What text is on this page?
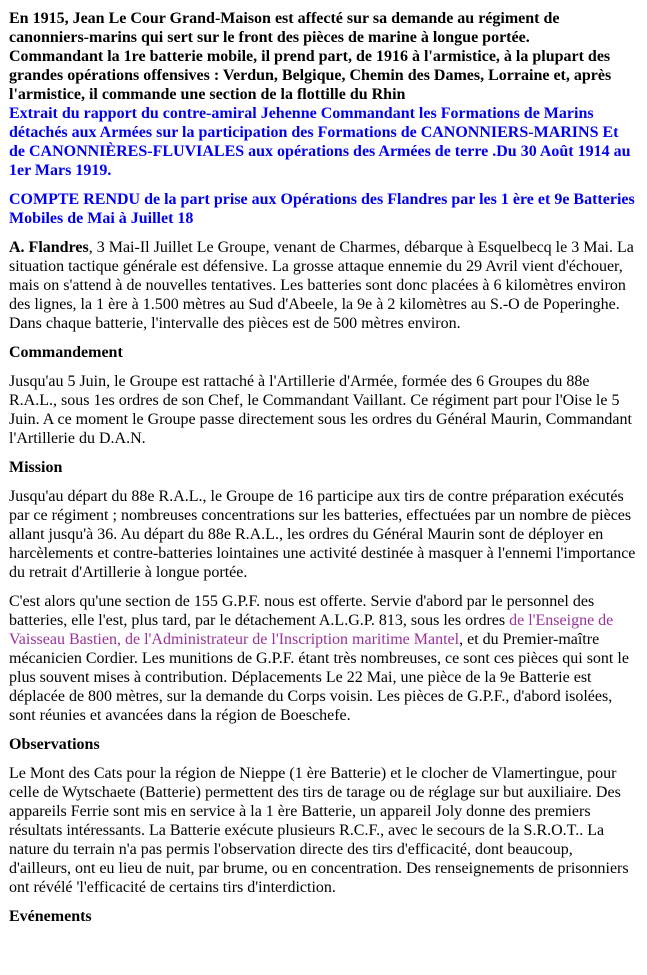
En 1915, Jean Le Cour Grand-Maison est affecté sur sa demande au régiment de canonniers-marins qui sert sur le front des pièces de marine à longue portée.
Commandant la 1re batterie mobile, il prend part, de 1916 à l'armistice, à la plupart des grandes opérations offensives : Verdun, Belgique, Chemin des Dames, Lorraine et, après l'armistice, il commande une section de la flottille du Rhin

Extrait du rapport du contre-amiral Jehenne Commandant les Formations de Marins détachés aux Armées sur la participation des Formations de CANONNIERS-MARINS Et de CANONNIÈRES-FLUVIALES aux opérations des Armées de terre .Du 30 Août 1914 au 1er Mars 1919.

COMPTE RENDU de la part prise aux Opérations des Flandres par les 1 ère et 9e Batteries Mobiles de Mai à Juillet 18

A. Flandres, 3 Mai-Il Juillet Le Groupe, venant de Charmes, débarque à Esquelbecq le 3 Mai. La situation tactique générale est défensive. La grosse attaque ennemie du 29 Avril vient d'échouer, mais on s'attend à de nouvelles tentatives. Les batteries sont donc placées à 6 kilomètres environ des lignes, la 1 ère à 1.500 mètres au Sud d'Abeele, la 9e à 2 kilomètres au S.-O de Poperinghe. Dans chaque batterie, l'intervalle des pièces est de 500 mètres environ.

Commandement

Jusqu'au 5 Juin, le Groupe est rattaché à l'Artillerie d'Armée, formée des 6 Groupes du 88e R.A.L., sous 1es ordres de son Chef, le Commandant Vaillant. Ce régiment part pour l'Oise le 5 Juin. A ce moment le Groupe passe directement sous les ordres du Général Maurin, Commandant l'Artillerie du D.A.N.

Mission

Jusqu'au départ du 88e R.A.L., le Groupe de 16 participe aux tirs de contre préparation exécutés par ce régiment ; nombreuses concentrations sur les batteries, effectuées par un nombre de pièces allant jusqu'à 36. Au départ du 88e R.A.L., les ordres du Général Maurin sont de déployer en harcèlements et contre-batteries lointaines une activité destinée à masquer à l'ennemi l'importance du retrait d'Artillerie à longue portée.

C'est alors qu'une section de 155 G.P.F. nous est offerte. Servie d'abord par le personnel des batteries, elle l'est, plus tard, par le détachement A.L.G.P. 813, sous les ordres de l'Enseigne de Vaisseau Bastien, de l'Administrateur de l'Inscription maritime Mantel, et du Premier-maître mécanicien Cordier. Les munitions de G.P.F. étant très nombreuses, ce sont ces pièces qui sont le plus souvent mises à contribution. Déplacements Le 22 Mai, une pièce de la 9e Batterie est déplacée de 800 mètres, sur la demande du Corps voisin. Les pièces de G.P.F., d'abord isolées, sont réunies et avancées dans la région de Boeschefe.

Observations

Le Mont des Cats pour la région de Nieppe (1 ère Batterie) et le clocher de Vlamertingue, pour celle de Wytschaete (Batterie) permettent des tirs de tarage ou de réglage sur but auxiliaire. Des appareils Ferrie sont mis en service à la 1 ère Batterie, un appareil Joly donne des premiers résultats intéressants. La Batterie exécute plusieurs R.C.F., avec le secours de la S.R.O.T.. La nature du terrain n'a pas permis l'observation directe des tirs d'efficacité, dont beaucoup, d'ailleurs, ont eu lieu de nuit, par brume, ou en concentration. Des renseignements de prisonniers ont révélé 'l'efficacité de certains tirs d'interdiction.

Evénements
